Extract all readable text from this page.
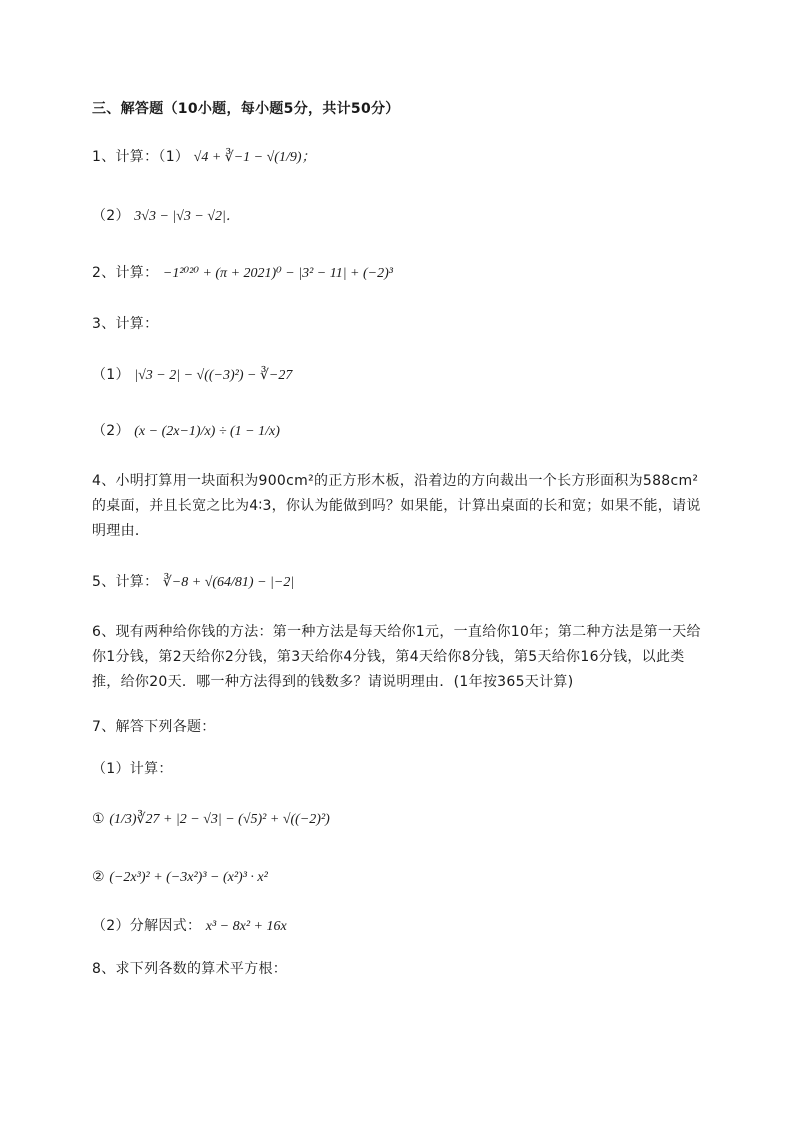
三、解答题（10小题，每小题5分，共计50分）
1、计算：（1） √4 + ∛−1 − √(1/9)；
（2） 3√3 − |√3 − √2|．
2、计算： −1²⁰²⁰ + (π + 2021)⁰ − |3² − 11| + (−2)³
3、计算：
（1） |√3 − 2| − √((−3)²) − ∛−27
（2） (x − (2x−1)/x) ÷ (1 − 1/x)
4、小明打算用一块面积为900cm²的正方形木板，沿着边的方向裁出一个长方形面积为588cm²的桌面，并且长宽之比为4∶3，你认为能做到吗？如果能，计算出桌面的长和宽；如果不能，请说明理由．
5、计算： ∛−8 + √(64/81) − |−2|
6、现有两种给你钱的方法：第一种方法是每天给你1元，一直给你10年；第二种方法是第一天给你1分钱，第2天给你2分钱，第3天给你4分钱，第4天给你8分钱，第5天给你16分钱，以此类推，给你20天．哪一种方法得到的钱数多？请说明理由．(1年按365天计算)
7、解答下列各题：
（1）计算：
① (1/3)∛27 + |2 − √3| − (√5)² + √((−2)²)
② (−2x³)² + (−3x²)³ − (x²)³ · x²
（2）分解因式： x³ − 8x² + 16x
8、求下列各数的算术平方根：
